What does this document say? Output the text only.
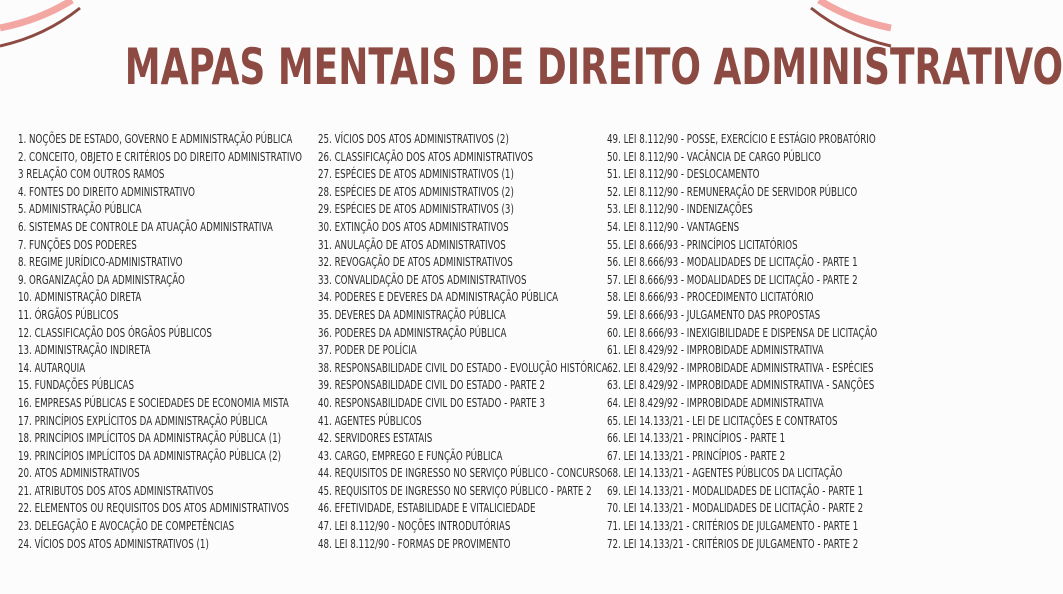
MAPAS MENTAIS DE DIREITO ADMINISTRATIVO
1. NOÇÕES DE ESTADO, GOVERNO E ADMINISTRAÇÃO PÚBLICA
2. CONCEITO, OBJETO E CRITÉRIOS DO DIREITO ADMINISTRATIVO
3 RELAÇÃO COM OUTROS RAMOS
4. FONTES DO DIREITO ADMINISTRATIVO
5. ADMINISTRAÇÃO PÚBLICA
6. SISTEMAS DE CONTROLE DA ATUAÇÃO ADMINISTRATIVA
7. FUNÇÕES DOS PODERES
8. REGIME JURÍDICO-ADMINISTRATIVO
9. ORGANIZAÇÃO DA ADMINISTRAÇÃO
10. ADMINISTRAÇÃO DIRETA
11. ÓRGÃOS PÚBLICOS
12. CLASSIFICAÇÃO DOS ÓRGÃOS PÚBLICOS
13. ADMINISTRAÇÃO INDIRETA
14. AUTARQUIA
15. FUNDAÇÕES PÚBLICAS
16. EMPRESAS PÚBLICAS E SOCIEDADES DE ECONOMIA MISTA
17. PRINCÍPIOS EXPLÍCITOS DA ADMINISTRAÇÃO PÚBLICA
18. PRINCÍPIOS IMPLÍCITOS DA ADMINISTRAÇÃO PÚBLICA (1)
19. PRINCÍPIOS IMPLÍCITOS DA ADMINISTRAÇÃO PÚBLICA (2)
20. ATOS ADMINISTRATIVOS
21. ATRIBUTOS DOS ATOS ADMINISTRATIVOS
22. ELEMENTOS OU REQUISITOS DOS ATOS ADMINISTRATIVOS
23. DELEGAÇÃO E AVOCAÇÃO DE COMPETÊNCIAS
24. VÍCIOS DOS ATOS ADMINISTRATIVOS (1)
25. VÍCIOS DOS ATOS ADMINISTRATIVOS (2)
26. CLASSIFICAÇÃO DOS ATOS ADMINISTRATIVOS
27. ESPÉCIES DE ATOS ADMINISTRATIVOS (1)
28. ESPÉCIES DE ATOS ADMINISTRATIVOS (2)
29. ESPÉCIES DE ATOS ADMINISTRATIVOS (3)
30. EXTINÇÃO DOS ATOS ADMINISTRATIVOS
31. ANULAÇÃO DE ATOS ADMINISTRATIVOS
32. REVOGAÇÃO DE ATOS ADMINISTRATIVOS
33. CONVALIDAÇÃO DE ATOS ADMINISTRATIVOS
34. PODERES E DEVERES DA ADMINISTRAÇÃO PÚBLICA
35. DEVERES DA ADMINISTRAÇÃO PÚBLICA
36. PODERES DA ADMINISTRAÇÃO PÚBLICA
37. PODER DE POLÍCIA
38. RESPONSABILIDADE CIVIL DO ESTADO - EVOLUÇÃO HISTÓRICA
39. RESPONSABILIDADE CIVIL DO ESTADO - PARTE 2
40. RESPONSABILIDADE CIVIL DO ESTADO - PARTE 3
41. AGENTES PÚBLICOS
42. SERVIDORES ESTATAIS
43. CARGO, EMPREGO E FUNÇÃO PÚBLICA
44. REQUISITOS DE INGRESSO NO SERVIÇO PÚBLICO - CONCURSO
45. REQUISITOS DE INGRESSO NO SERVIÇO PÚBLICO - PARTE 2
46. EFETIVIDADE, ESTABILIDADE E VITALICIEDADE
47. LEI 8.112/90 - NOÇÕES INTRODUTÓRIAS
48. LEI 8.112/90 - FORMAS DE PROVIMENTO
49. LEI 8.112/90 - POSSE, EXERCÍCIO E ESTÁGIO PROBATÓRIO
50. LEI 8.112/90 - VACÂNCIA DE CARGO PÚBLICO
51. LEI 8.112/90 - DESLOCAMENTO
52. LEI 8.112/90 - REMUNERAÇÃO DE SERVIDOR PÚBLICO
53. LEI 8.112/90 - INDENIZAÇÕES
54. LEI 8.112/90 - VANTAGENS
55. LEI 8.666/93 - PRINCÍPIOS LICITATÓRIOS
56. LEI 8.666/93 - MODALIDADES DE LICITAÇÃO - PARTE 1
57. LEI 8.666/93 - MODALIDADES DE LICITAÇÃO - PARTE 2
58. LEI 8.666/93 - PROCEDIMENTO LICITATÓRIO
59. LEI 8.666/93 - JULGAMENTO DAS PROPOSTAS
60. LEI 8.666/93 - INEXIGIBILIDADE E DISPENSA DE LICITAÇÃO
61. LEI 8.429/92 - IMPROBIDADE ADMINISTRATIVA
62. LEI 8.429/92 - IMPROBIDADE ADMINISTRATIVA - ESPÉCIES
63. LEI 8.429/92 - IMPROBIDADE ADMINISTRATIVA - SANÇÕES
64. LEI 8.429/92 - IMPROBIDADE ADMINISTRATIVA
65. LEI 14.133/21 - LEI DE LICITAÇÕES E CONTRATOS
66. LEI 14.133/21 - PRINCÍPIOS - PARTE 1
67. LEI 14.133/21 - PRINCÍPIOS - PARTE 2
68. LEI 14.133/21 - AGENTES PÚBLICOS DA LICITAÇÃO
69. LEI 14.133/21 - MODALIDADES DE LICITAÇÃO - PARTE 1
70. LEI 14.133/21 - MODALIDADES DE LICITAÇÃO - PARTE 2
71. LEI 14.133/21 - CRITÉRIOS DE JULGAMENTO - PARTE 1
72. LEI 14.133/21 - CRITÉRIOS DE JULGAMENTO - PARTE 2
